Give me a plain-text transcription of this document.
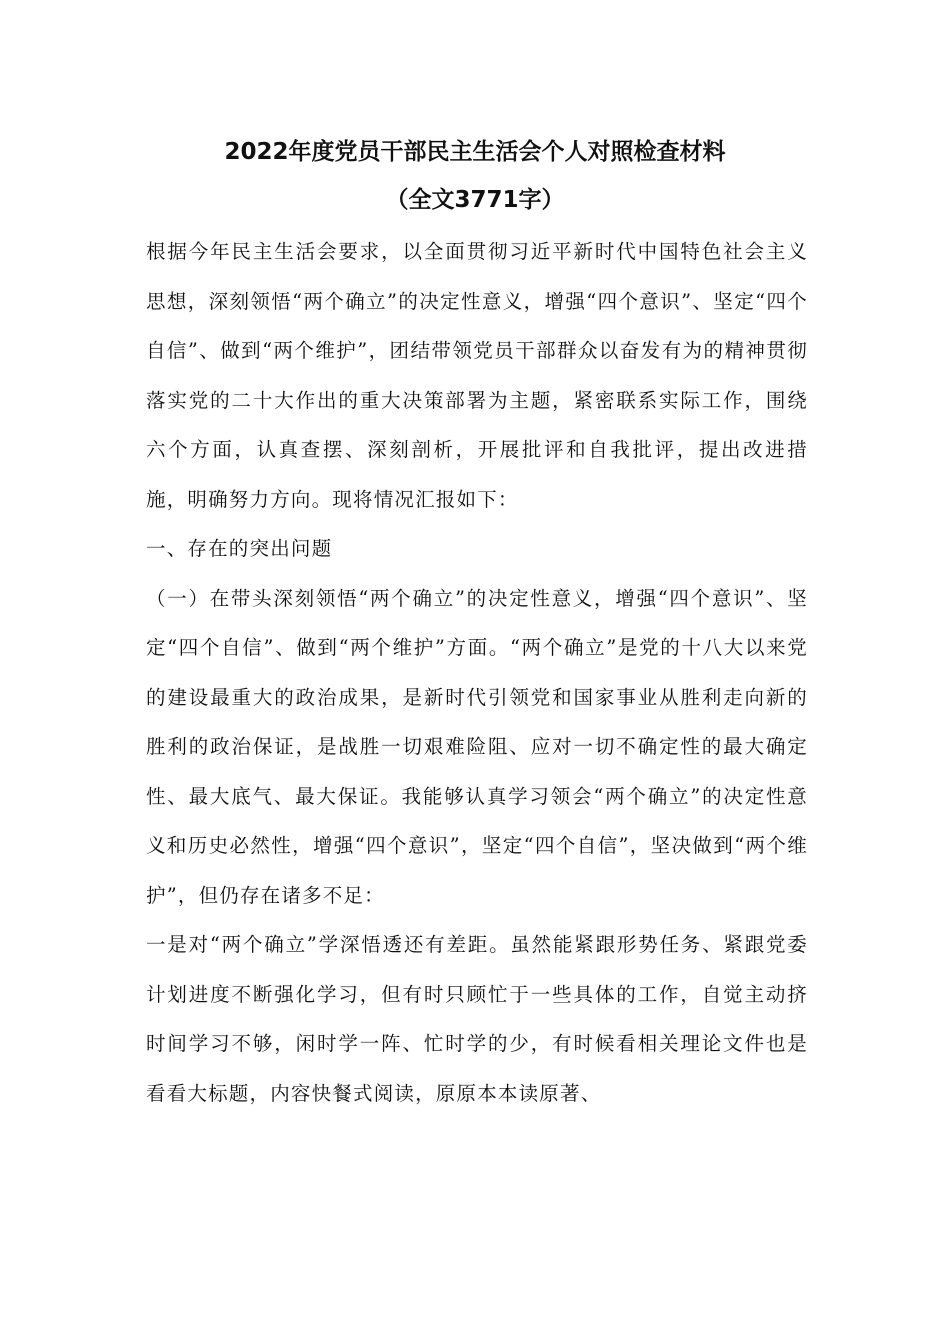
2022年度党员干部民主生活会个人对照检查材料
（全文3771字）

根据今年民主生活会要求，以全面贯彻习近平新时代中国特色社会主义思想，深刻领悟“两个确立”的决定性意义，增强“四个意识”、坚定“四个自信”、做到“两个维护”，团结带领党员干部群众以奋发有为的精神贯彻落实党的二十大作出的重大决策部署为主题，紧密联系实际工作，围绕六个方面，认真查摆、深刻剖析，开展批评和自我批评，提出改进措施，明确努力方向。现将情况汇报如下：

一、存在的突出问题

（一）在带头深刻领悟“两个确立”的决定性意义，增强“四个意识”、坚定“四个自信”、做到“两个维护”方面。“两个确立”是党的十八大以来党的建设最重大的政治成果，是新时代引领党和国家事业从胜利走向新的胜利的政治保证，是战胜一切艰难险阻、应对一切不确定性的最大确定性、最大底气、最大保证。我能够认真学习领会“两个确立”的决定性意义和历史必然性，增强“四个意识”，坚定“四个自信”，坚决做到“两个维护”，但仍存在诸多不足：

一是对“两个确立”学深悟透还有差距。虽然能紧跟形势任务、紧跟党委计划进度不断强化学习，但有时只顾忙于一些具体的工作，自觉主动挤时间学习不够，闲时学一阵、忙时学的少，有时候看相关理论文件也是看看大标题，内容快餐式阅读，原原本本读原著、
